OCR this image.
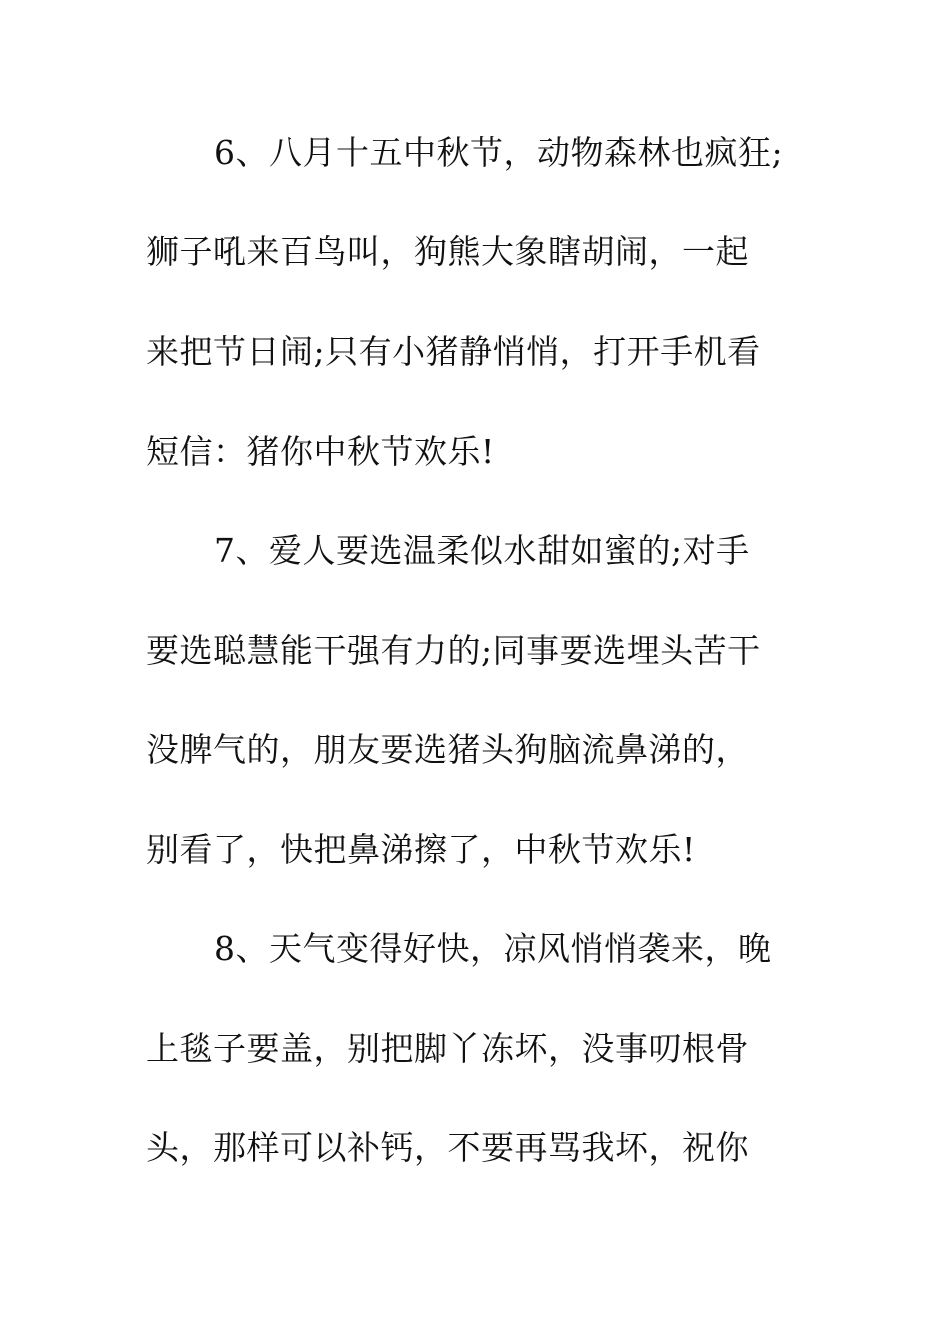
6、八月十五中秋节，动物森林也疯狂;
狮子吼来百鸟叫，狗熊大象瞎胡闹，一起
来把节日闹;只有小猪静悄悄，打开手机看
短信：猪你中秋节欢乐!
7、爱人要选温柔似水甜如蜜的;对手
要选聪慧能干强有力的;同事要选埋头苦干
没脾气的，朋友要选猪头狗脑流鼻涕的，
别看了，快把鼻涕擦了，中秋节欢乐!
8、天气变得好快，凉风悄悄袭来，晚
上毯子要盖，别把脚丫冻坏，没事叨根骨
头，那样可以补钙，不要再骂我坏，祝你
